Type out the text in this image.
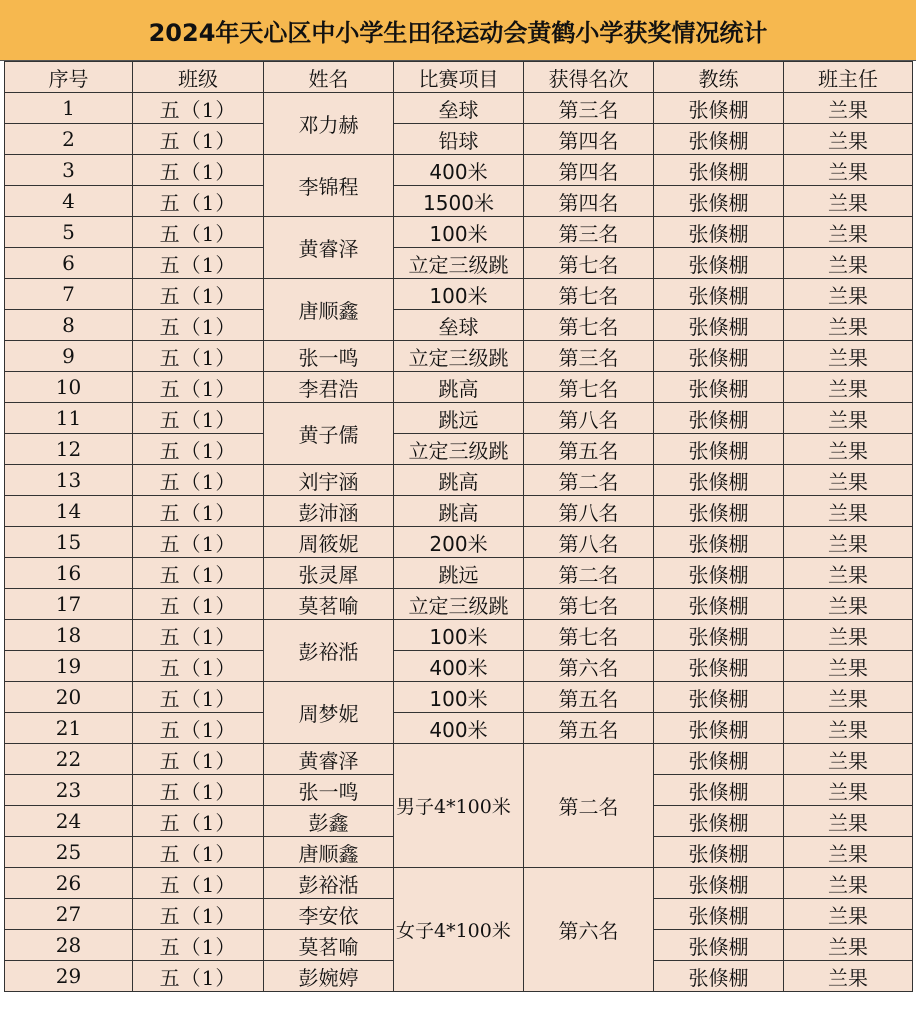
2024年天心区中小学生田径运动会黄鹤小学获奖情况统计
序号	班级	姓名	比赛项目	获得名次	教练	班主任
1	五（1）	邓力赫	垒球	第三名	张倏棚	兰果
2	五（1）		铅球	第四名	张倏棚	兰果
3	五（1）	李锦程	400米	第四名	张倏棚	兰果
4	五（1）		1500米	第四名	张倏棚	兰果
5	五（1）	黄睿泽	100米	第三名	张倏棚	兰果
6	五（1）		立定三级跳	第七名	张倏棚	兰果
7	五（1）	唐顺鑫	100米	第七名	张倏棚	兰果
8	五（1）		垒球	第七名	张倏棚	兰果
9	五（1）	张一鸣	立定三级跳	第三名	张倏棚	兰果
10	五（1）	李君浩	跳高	第七名	张倏棚	兰果
11	五（1）	黄子儒	跳远	第八名	张倏棚	兰果
12	五（1）		立定三级跳	第五名	张倏棚	兰果
13	五（1）	刘宇涵	跳高	第二名	张倏棚	兰果
14	五（1）	彭沛涵	跳高	第八名	张倏棚	兰果
15	五（1）	周筱妮	200米	第八名	张倏棚	兰果
16	五（1）	张灵犀	跳远	第二名	张倏棚	兰果
17	五（1）	莫茗喻	立定三级跳	第七名	张倏棚	兰果
18	五（1）	彭裕湉	100米	第七名	张倏棚	兰果
19	五（1）		400米	第六名	张倏棚	兰果
20	五（1）	周梦妮	100米	第五名	张倏棚	兰果
21	五（1）		400米	第五名	张倏棚	兰果
22	五（1）	黄睿泽	男子4*100米	第二名	张倏棚	兰果
23	五（1）	张一鸣			张倏棚	兰果
24	五（1）	彭鑫			张倏棚	兰果
25	五（1）	唐顺鑫			张倏棚	兰果
26	五（1）	彭裕湉	女子4*100米	第六名	张倏棚	兰果
27	五（1）	李安依			张倏棚	兰果
28	五（1）	莫茗喻			张倏棚	兰果
29	五（1）	彭婉婷			张倏棚	兰果
